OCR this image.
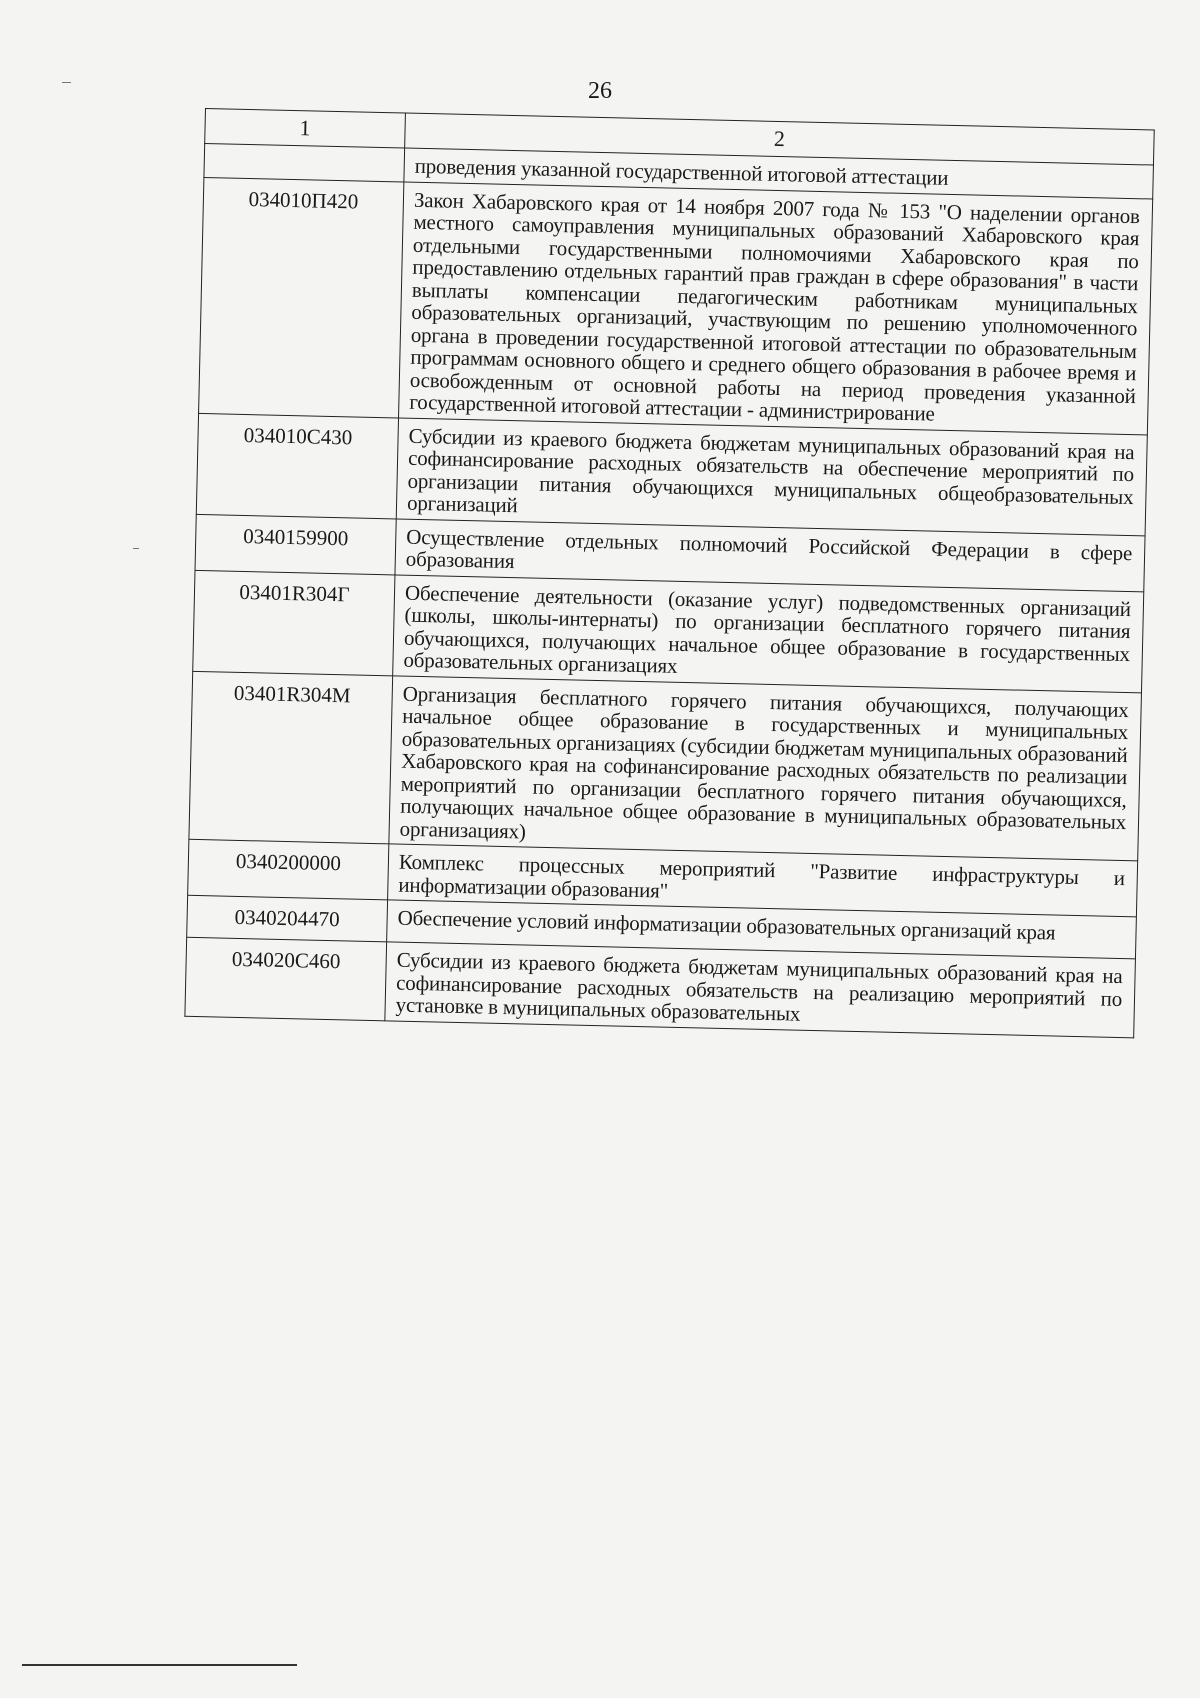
26
1	2
	проведения указанной государственной итоговой аттестации
034010П420	Закон Хабаровского края от 14 ноября 2007 года № 153 "О наделении органов местного самоуправления муниципальных образований Хабаровского края отдельными государственными полномочиями Хабаровского края по предоставлению отдельных гарантий прав граждан в сфере образования" в части выплаты компенсации педагогическим работникам муниципальных образовательных организаций, участвующим по решению уполномоченного органа в проведении государственной итоговой аттестации по образовательным программам основного общего и среднего общего образования в рабочее время и освобожденным от основной работы на период проведения указанной государственной итоговой аттестации - администрирование
034010С430	Субсидии из краевого бюджета бюджетам муниципальных образований края на софинансирование расходных обязательств на обеспечение мероприятий по организации питания обучающихся муниципальных общеобразовательных организаций
0340159900	Осуществление отдельных полномочий Российской Федерации в сфере образования
03401R304Г	Обеспечение деятельности (оказание услуг) подведомственных организаций (школы, школы-интернаты) по организации бесплатного горячего питания обучающихся, получающих начальное общее образование в государственных образовательных организациях
03401R304М	Организация бесплатного горячего питания обучающихся, получающих начальное общее образование в государственных и муниципальных образовательных организациях (субсидии бюджетам муниципальных образований Хабаровского края на софинансирование расходных обязательств по реализации мероприятий по организации бесплатного горячего питания обучающихся, получающих начальное общее образование в муниципальных образовательных организациях)
0340200000	Комплекс процессных мероприятий "Развитие инфраструктуры и информатизации образования"
0340204470	Обеспечение условий информатизации образовательных организаций края
034020С460	Субсидии из краевого бюджета бюджетам муниципальных образований края на софинансирование расходных обязательств на реализацию мероприятий по установке в муниципальных образовательных
